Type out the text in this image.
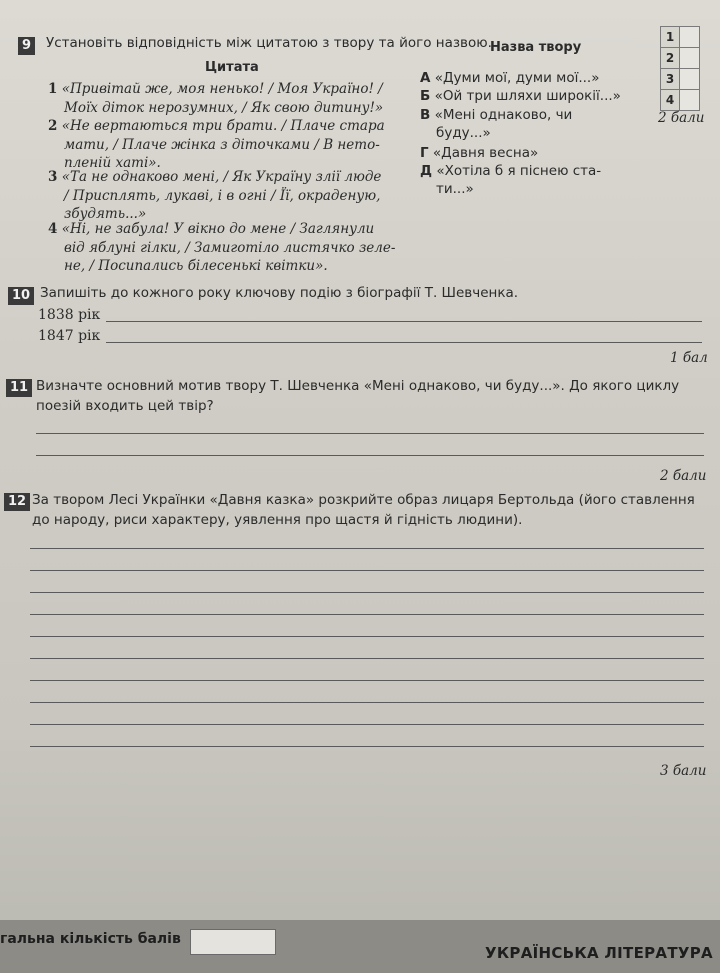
9 Установіть відповідність між цитатою з твору та його назвою.
Назва твору
Цитата
1 «Привітай же, моя ненько! / Моя Україно! /
Моїх діток нерозумних, / Як свою дитину!»
2 «Не вертаються три брати. / Плаче стара
мати, / Плаче жінка з діточками / В нето-
пленій хаті».
3 «Та не однаково мені, / Як Україну злії люде
/ Присплять, лукаві, і в огні / Її, окраденую,
збудять...»
4 «Ні, не забула! У вікно до мене / Заглянули
від яблуні гілки, / Замиготіло листячко зеле-
не, / Посипались білесенькі квітки».
А «Думи мої, думи мої...»
Б «Ой три шляхи широкії...»
В «Мені однаково, чи
буду...»
Г «Давня весна»
Д «Хотіла б я піснею ста-
ти...»
1
2
3
4
2 бали
10 Запишіть до кожного року ключову подію з біографії Т. Шевченка.
1838 рік
1847 рік
1 бал
11 Визначте основний мотив твору Т. Шевченка «Мені однаково, чи буду...». До якого циклу
поезій входить цей твір?
2 бали
12 За твором Лесі Українки «Давня казка» розкрийте образ лицаря Бертольда (його ставлення
до народу, риси характеру, уявлення про щастя й гідність людини).
3 бали
гальна кількість балів
УКРАЇНСЬКА ЛІТЕРАТУРА
